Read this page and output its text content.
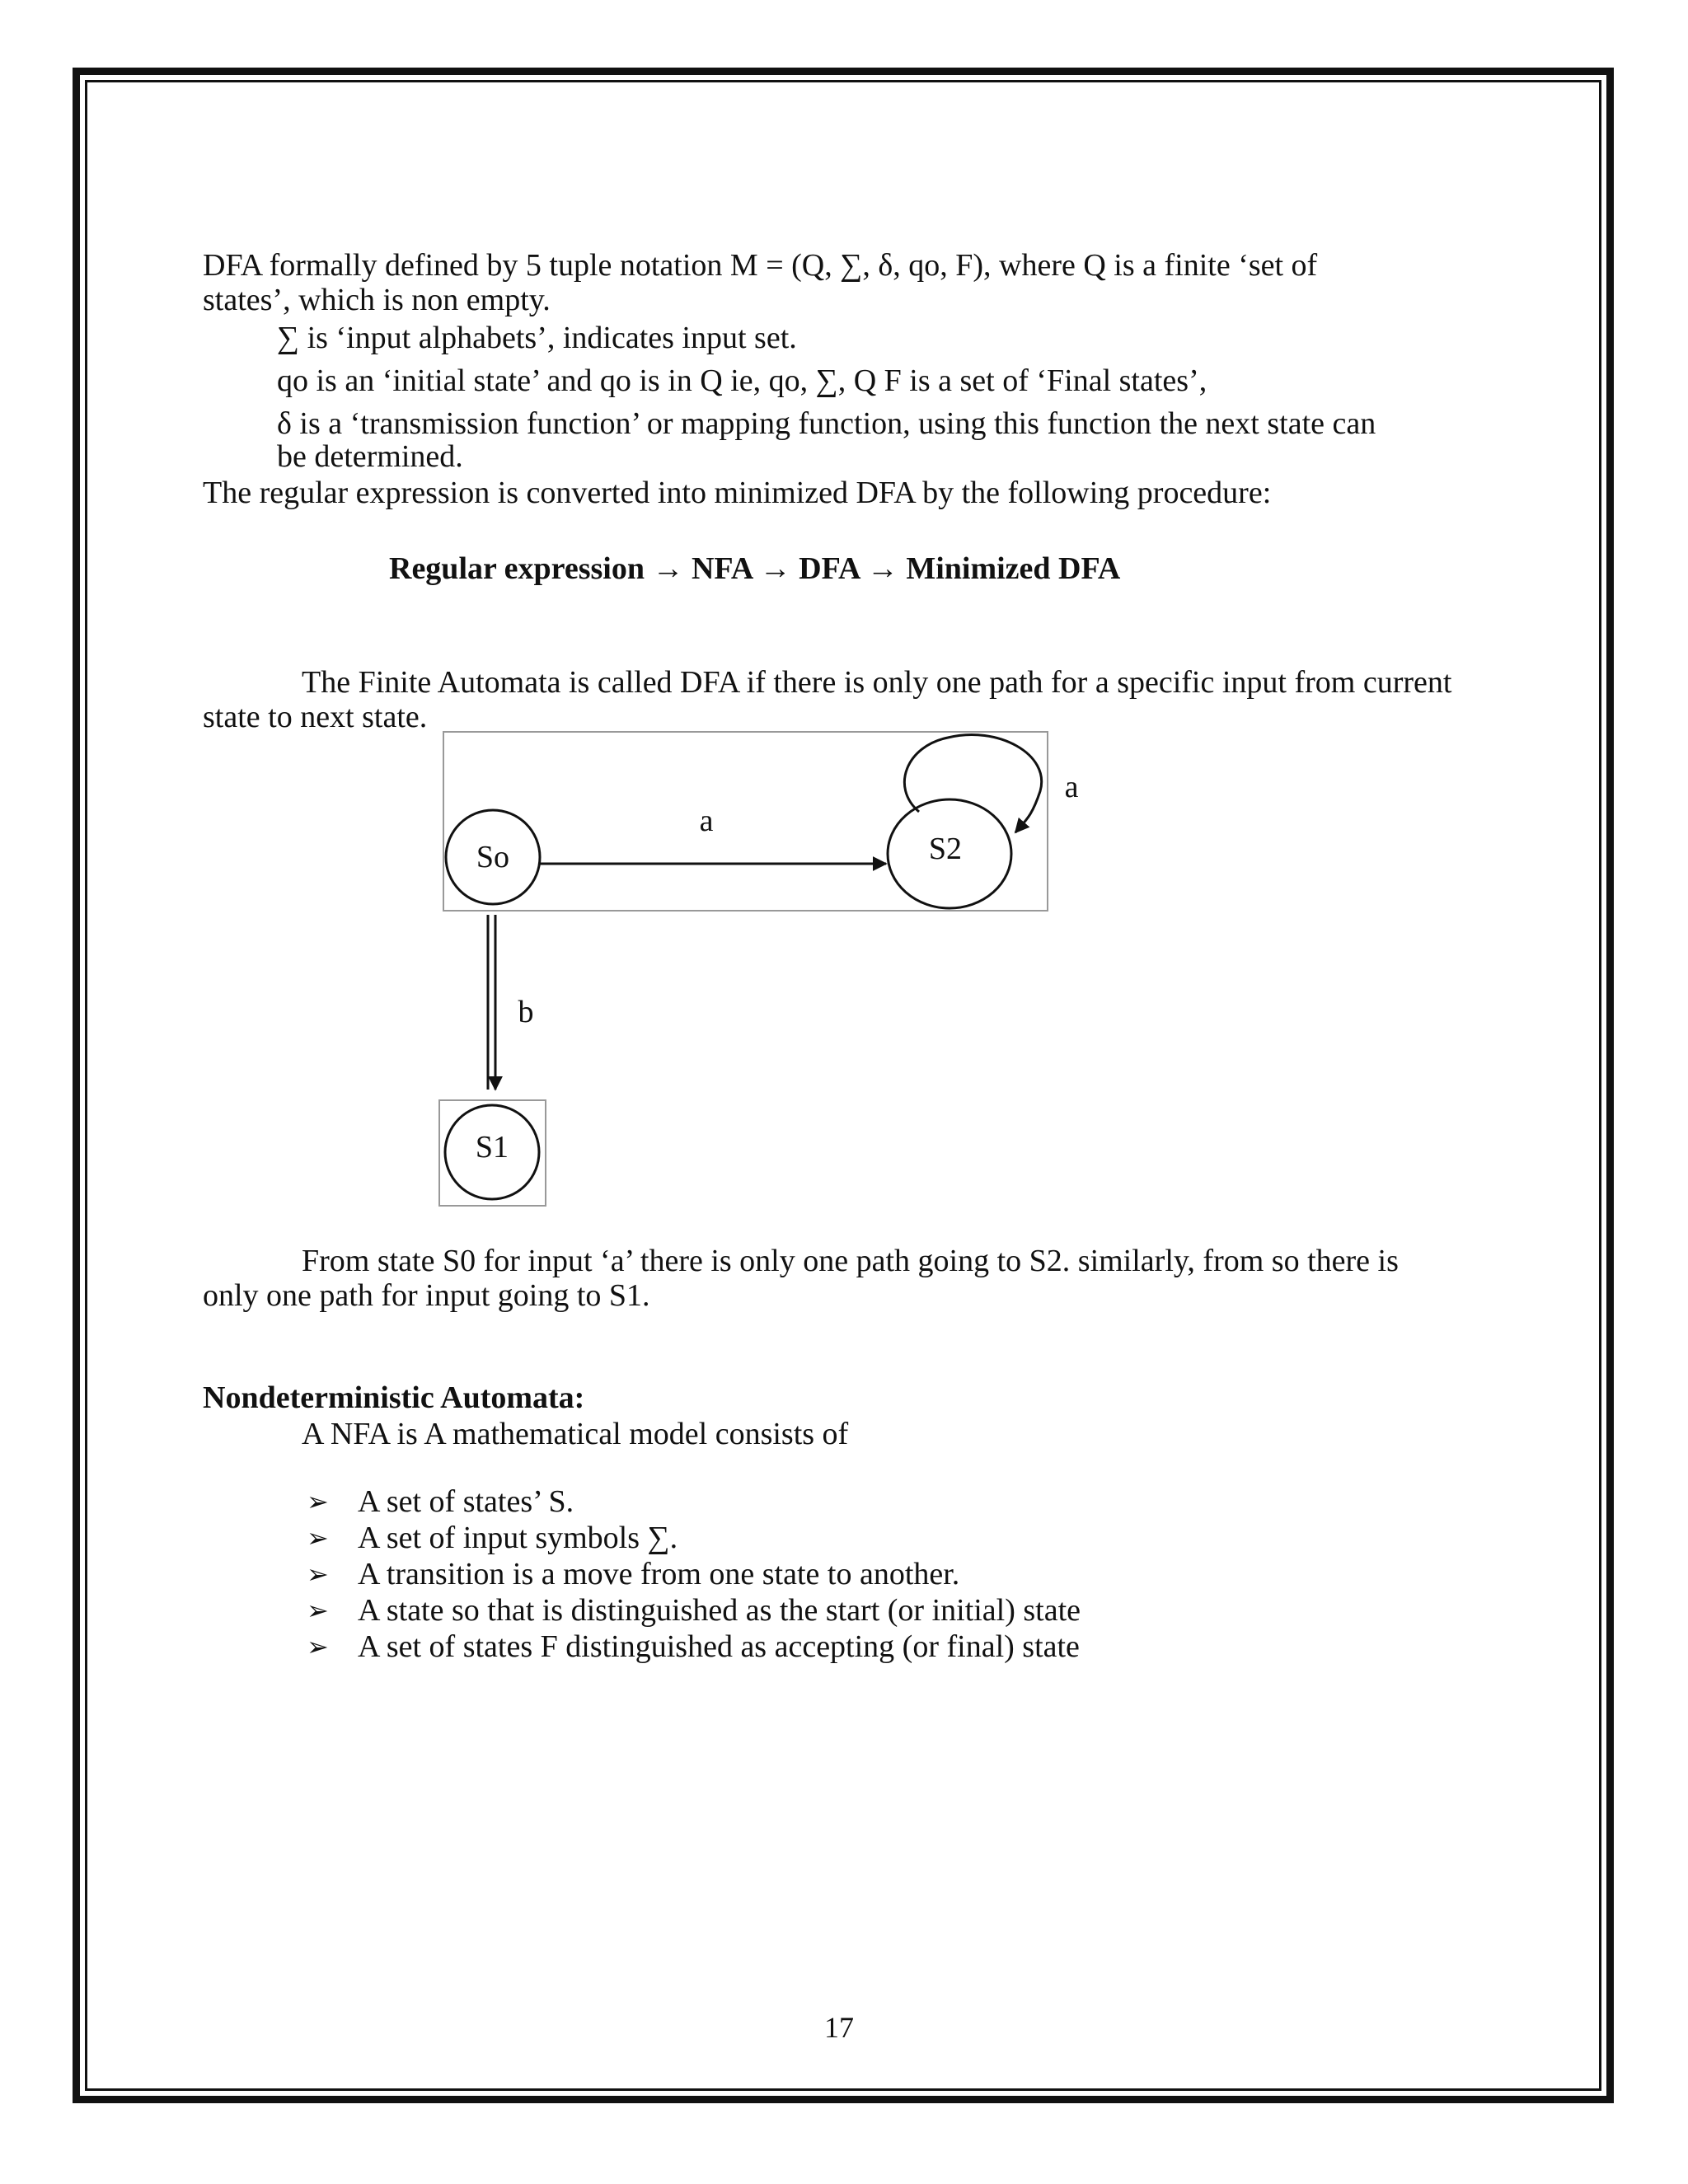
DFA formally defined by 5 tuple notation M = (Q, ∑, δ, qo, F), where Q is a finite ‘set of

states’, which is non empty.

∑ is ‘input alphabets’, indicates input set.

qo is an ‘initial state’ and qo is in Q ie, qo, ∑, Q F is a set of ‘Final states’,

δ is a ‘transmission function’ or mapping function, using this function the next state can

be determined.

The regular expression is converted into minimized DFA by the following procedure:

Regular expression → NFA → DFA → Minimized DFA

The Finite Automata is called DFA if there is only one path for a specific input from current

state to next state.

So	S2
S1
a
a
b

From state S0 for input ‘a’ there is only one path going to S2. similarly, from so there is

only one path for input going to S1.

Nondeterministic Automata:

A NFA is A mathematical model consists of

➢ A set of states’ S.
➢ A set of input symbols ∑.
➢ A transition is a move from one state to another.
➢ A state so that is distinguished as the start (or initial) state
➢ A set of states F distinguished as accepting (or final) state
17
